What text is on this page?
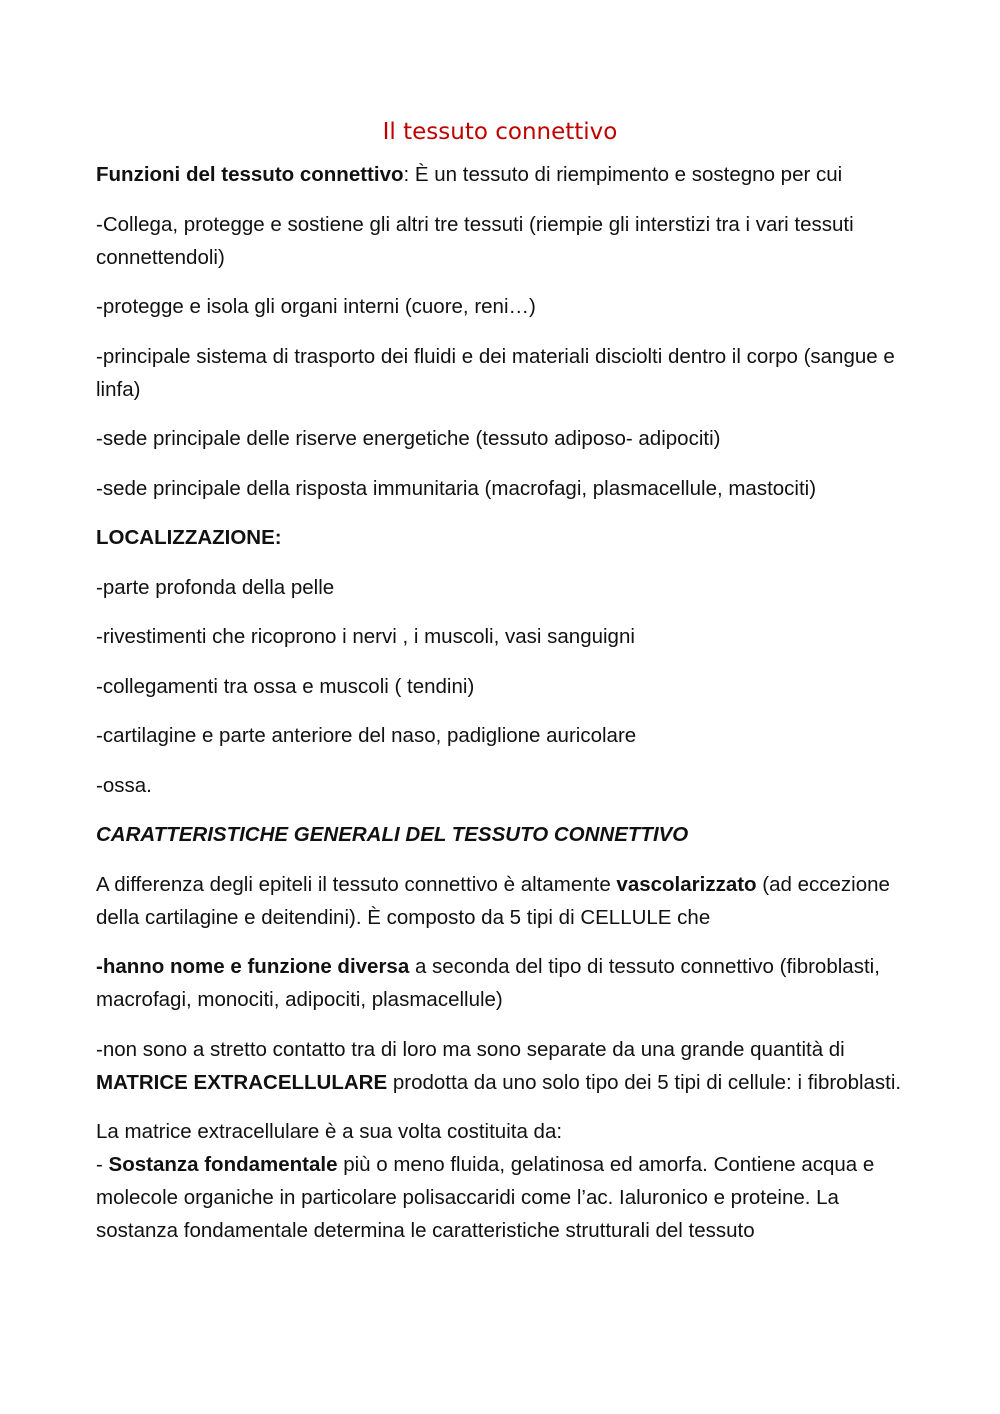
Il tessuto connettivo

Funzioni del tessuto connettivo: È un tessuto di riempimento e sostegno per cui

-Collega, protegge e sostiene gli altri tre tessuti (riempie gli interstizi tra i vari tessuti connettendoli)

-protegge e isola gli organi interni (cuore, reni…)

-principale sistema di trasporto dei fluidi e dei materiali disciolti dentro il corpo (sangue e linfa)

-sede principale delle riserve energetiche (tessuto adiposo- adipociti)

-sede principale della risposta immunitaria (macrofagi, plasmacellule, mastociti)

LOCALIZZAZIONE:

-parte profonda della pelle

-rivestimenti che ricoprono i nervi , i muscoli, vasi sanguigni

-collegamenti tra ossa e muscoli ( tendini)

-cartilagine e parte anteriore del naso, padiglione auricolare

-ossa.

CARATTERISTICHE GENERALI DEL TESSUTO CONNETTIVO

A differenza degli epiteli il tessuto connettivo è altamente vascolarizzato (ad eccezione della cartilagine e deitendini). È composto da 5 tipi di CELLULE che

-hanno nome e funzione diversa a seconda del tipo di tessuto connettivo (fibroblasti, macrofagi, monociti, adipociti, plasmacellule)

-non sono a stretto contatto tra di loro ma sono separate da una grande quantità di MATRICE EXTRACELLULARE prodotta da uno solo tipo dei 5 tipi di cellule: i fibroblasti.

La matrice extracellulare è a sua volta costituita da:

- Sostanza fondamentale più o meno fluida, gelatinosa ed amorfa. Contiene acqua e molecole organiche in particolare polisaccaridi come l’ac. Ialuronico e proteine. La sostanza fondamentale determina le caratteristiche strutturali del tessuto
